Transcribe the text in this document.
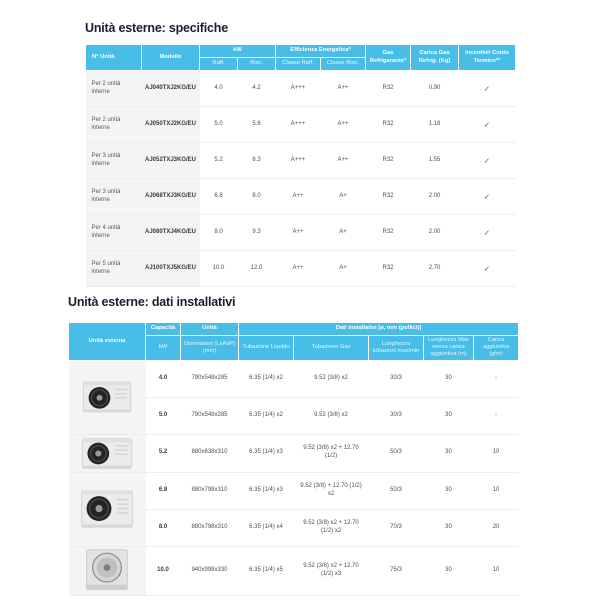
Unità esterne: specifiche
N° Unità	Modello	kW		Efficienza Energetica*		Gas Refrigerante*	Carica Gas Refrig. (Kg)	Incentivi/ Conto Termico**
		Raff.	Risc.	Classe Raff.	Classe Risc.			
Per 2 unità interne	AJ040TXJ2KG/EU	4.0	4.2	A+++	A++	R32	0.90	✓
Per 2 unità interne	AJ050TXJ2KG/EU	5.0	5.6	A+++	A++	R32	1.18	✓
Per 3 unità interne	AJ052TXJ3KG/EU	5.2	6.3	A+++	A++	R32	1.55	✓
Per 3 unità interne	AJ068TXJ3KG/EU	6.8	8.0	A++	A+	R32	2.00	✓
Per 4 unità interne	AJ080TXJ4KG/EU	8.0	9.3	A++	A+	R32	2.00	✓
Per 5 unità interne	AJ100TXJ5KG/EU	10.0	12.0	A++	A+	R32	2.70	✓
Unità esterne: dati installativi
Unità esterna	Capacità	Unità	Dati installativi [ø, mm (pollici)]				
	kW	Dimensioni (LxAxP) (mm)	Tubazione Liquido	Tubazione Gas	Lunghezza tubazioni max/min	Lunghezza Max senza carica aggiuntiva (m)	Carica aggiuntiva (g/m)

	4.0	790x548x285	6.35 (1/4) x2	9.52 (3/8) x2	30/3	30	-
	5.0	790x548x285	6.35 (1/4) x2	9.52 (3/8) x2	30/3	30	-

	5.2	880x638x310	6.35 (1/4) x3	9.52 (3/8) x2 + 12.70 (1/2)	50/3	30	10

	6.8	880x798x310	6.35 (1/4) x3	9.52 (3/8) + 12.70 (1/2) x2	50/3	30	10
	8.0	880x798x310	6.35 (1/4) x4	9.52 (3/8) x2 + 12.70 (1/2) x2	70/3	30	20

	10.0	940x998x330	6.35 (1/4) x5	9.52 (3/8) x2 + 12.70 (1/2) x3	75/3	30	10
